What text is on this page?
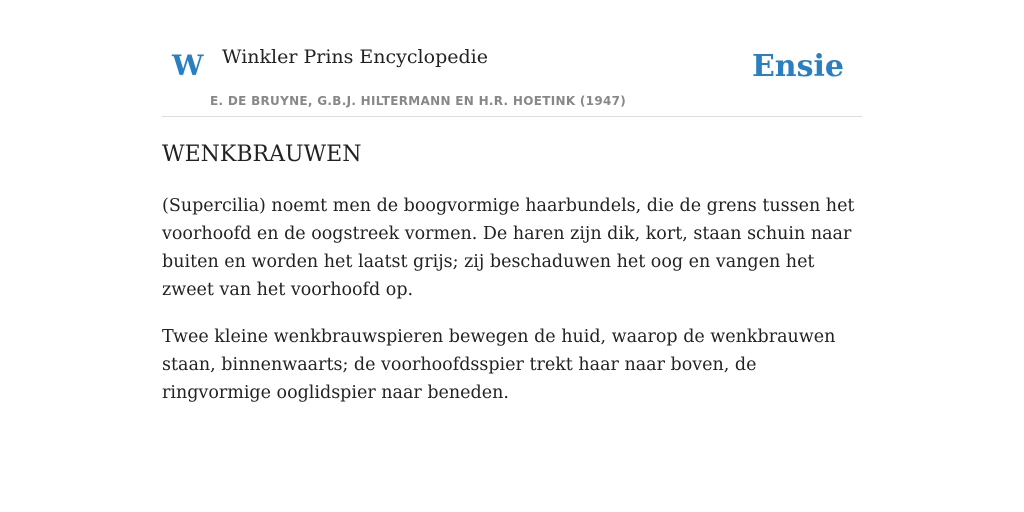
W Winkler Prins Encyclopedie
E. DE BRUYNE, G.B.J. HILTERMANN EN H.R. HOETINK (1947)
Ensie
WENKBRAUWEN

(Supercilia) noemt men de boogvormige haarbundels, die de grens tussen het voorhoofd en de oogstreek vormen. De haren zijn dik, kort, staan schuin naar buiten en worden het laatst grijs; zij beschaduwen het oog en vangen het zweet van het voorhoofd op.

Twee kleine wenkbrauwspieren bewegen de huid, waarop de wenkbrauwen staan, binnenwaarts; de voorhoofdsspier trekt haar naar boven, de ringvormige ooglidspier naar beneden.
